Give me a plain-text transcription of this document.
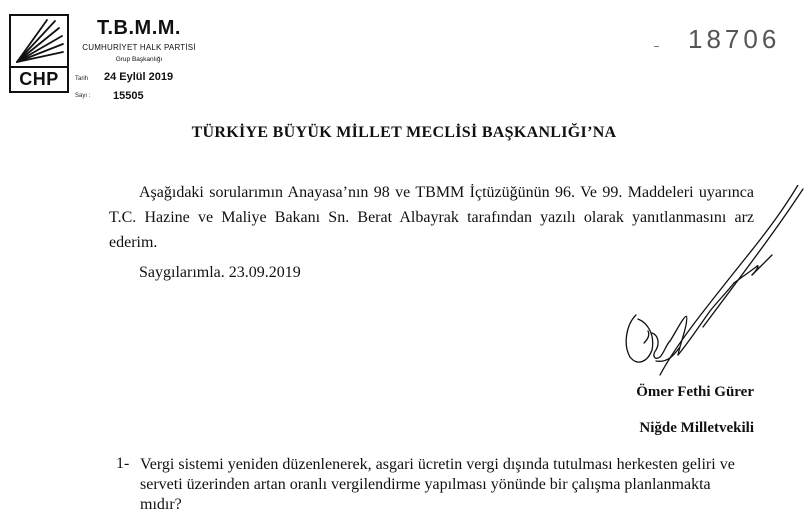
CHP
T.B.M.M.
CUMHURİYET HALK PARTİSİ
Grup Başkanlığı
Tarih 24 Eylül 2019
Sayı : 15505
18706
TÜRKİYE BÜYÜK MİLLET MECLİSİ BAŞKANLIĞI’NA
Aşağıdaki sorularımın Anayasa’nın 98 ve TBMM İçtüzüğünün 96. Ve 99. Maddeleri uyarınca T.C. Hazine ve Maliye Bakanı Sn. Berat Albayrak tarafından yazılı olarak yanıtlanmasını arz ederim.
Saygılarımla. 23.09.2019
Ömer Fethi Gürer
Niğde Milletvekili
1- Vergi sistemi yeniden düzenlenerek, asgari ücretin vergi dışında tutulması herkesten geliri ve serveti üzerinden artan oranlı vergilendirme yapılması yönünde bir çalışma planlanmakta mıdır?
